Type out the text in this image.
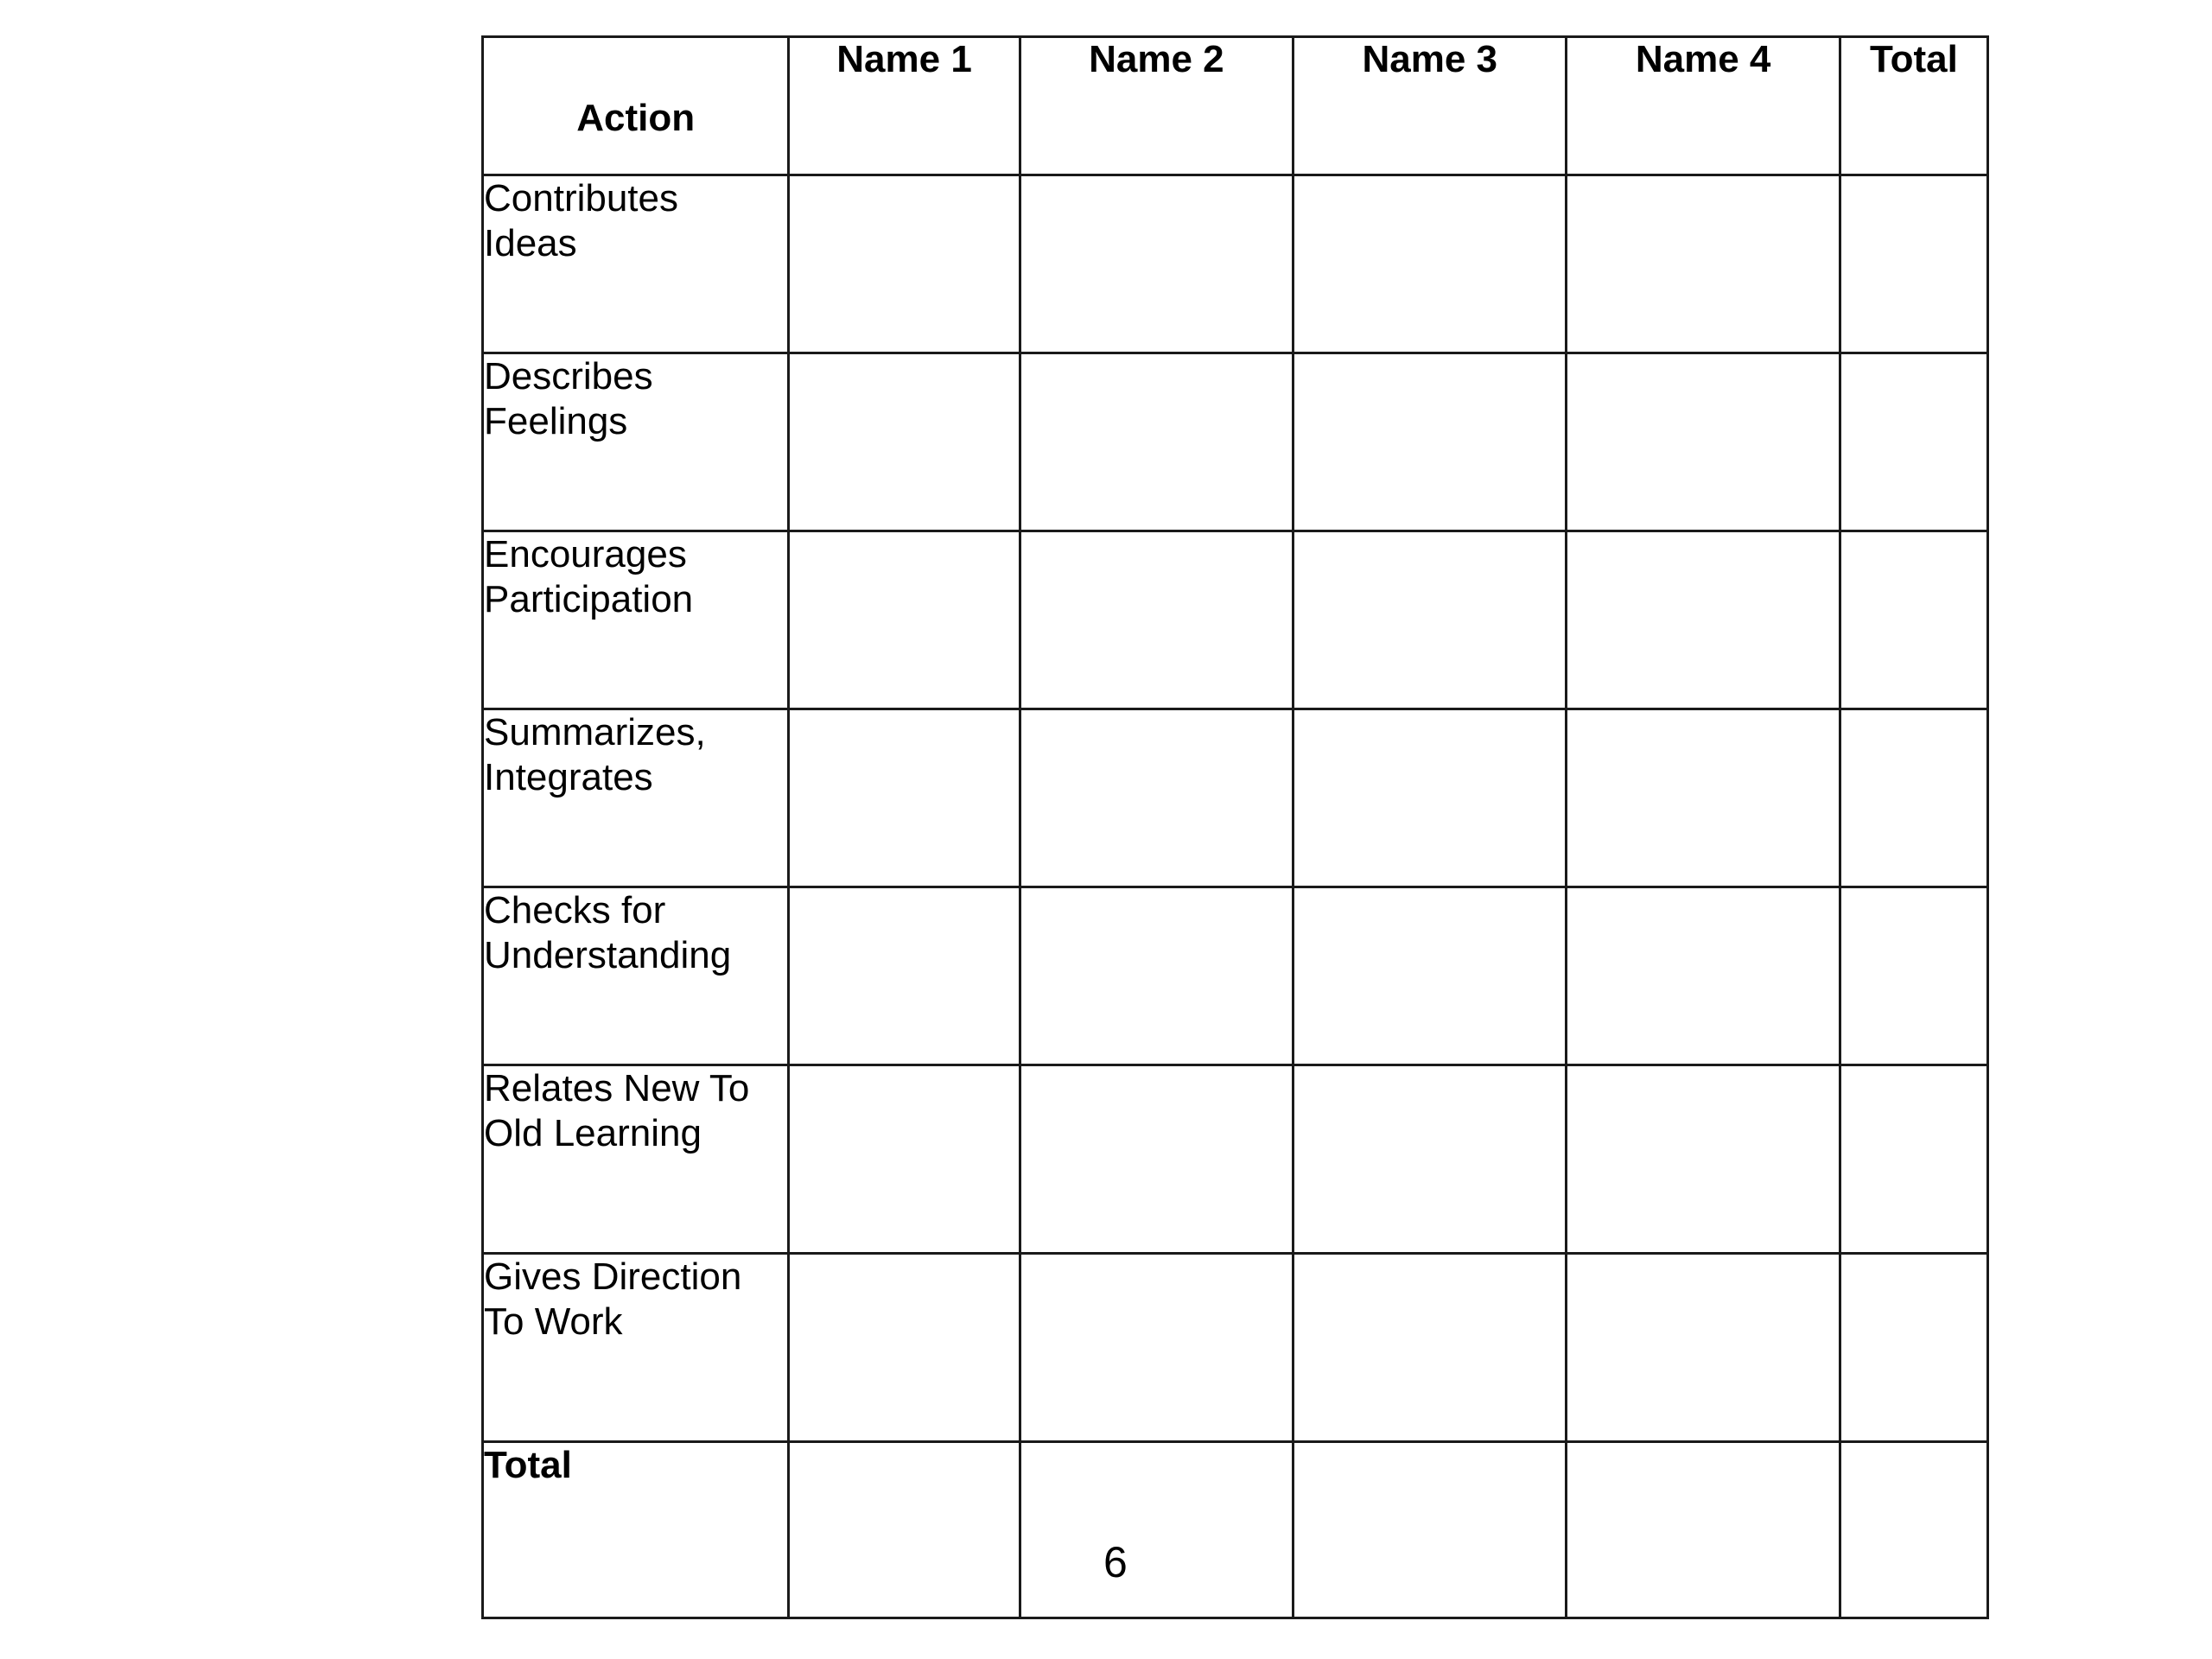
Action	Name 1	Name 2	Name 3	Name 4	Total

Contributes
Ideas					

Describes
Feelings					

Encourages
Participation					

Summarizes,
Integrates					

Checks for
Understanding					

Relates New To
Old Learning					

Gives Direction
To Work					

Total		6			
